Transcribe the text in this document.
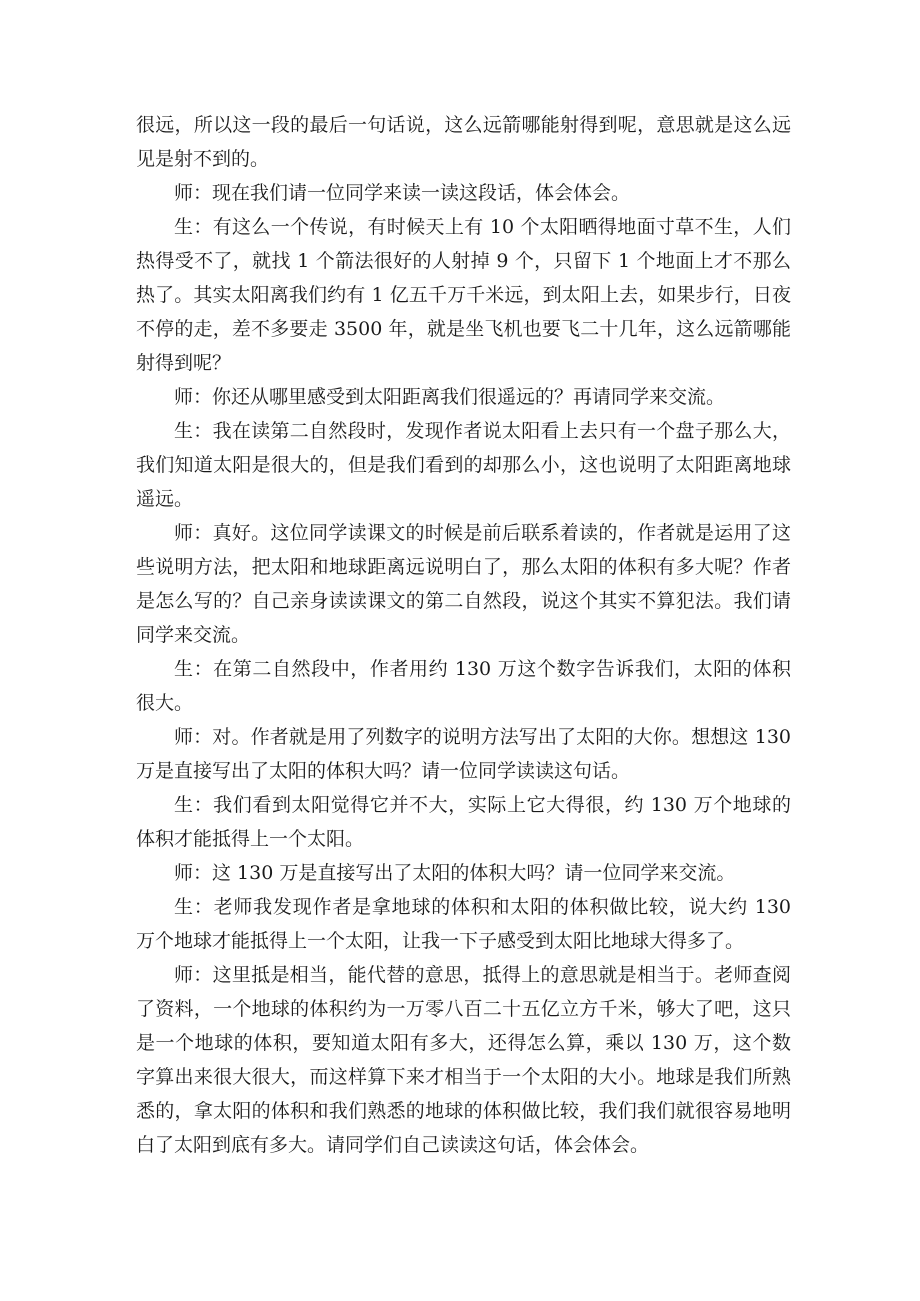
很远，所以这一段的最后一句话说，这么远箭哪能射得到呢，意思就是这么远见是射不到的。

师：现在我们请一位同学来读一读这段话，体会体会。

生：有这么一个传说，有时候天上有 10 个太阳晒得地面寸草不生，人们热得受不了，就找 1 个箭法很好的人射掉 9 个，只留下 1 个地面上才不那么热了。其实太阳离我们约有 1 亿五千万千米远，到太阳上去，如果步行，日夜不停的走，差不多要走 3500 年，就是坐飞机也要飞二十几年，这么远箭哪能射得到呢？

师：你还从哪里感受到太阳距离我们很遥远的？再请同学来交流。

生：我在读第二自然段时，发现作者说太阳看上去只有一个盘子那么大，我们知道太阳是很大的，但是我们看到的却那么小，这也说明了太阳距离地球遥远。

师：真好。这位同学读课文的时候是前后联系着读的，作者就是运用了这些说明方法，把太阳和地球距离远说明白了，那么太阳的体积有多大呢？作者是怎么写的？自己亲身读读课文的第二自然段，说这个其实不算犯法。我们请同学来交流。

生：在第二自然段中，作者用约 130 万这个数字告诉我们，太阳的体积很大。

师：对。作者就是用了列数字的说明方法写出了太阳的大你。想想这 130 万是直接写出了太阳的体积大吗？请一位同学读读这句话。

生：我们看到太阳觉得它并不大，实际上它大得很，约 130 万个地球的体积才能抵得上一个太阳。

师：这 130 万是直接写出了太阳的体积大吗？请一位同学来交流。

生：老师我发现作者是拿地球的体积和太阳的体积做比较，说大约 130 万个地球才能抵得上一个太阳，让我一下子感受到太阳比地球大得多了。

师：这里抵是相当，能代替的意思，抵得上的意思就是相当于。老师查阅了资料，一个地球的体积约为一万零八百二十五亿立方千米，够大了吧，这只是一个地球的体积，要知道太阳有多大，还得怎么算，乘以 130 万，这个数字算出来很大很大，而这样算下来才相当于一个太阳的大小。地球是我们所熟悉的，拿太阳的体积和我们熟悉的地球的体积做比较，我们我们就很容易地明白了太阳到底有多大。请同学们自己读读这句话，体会体会。
